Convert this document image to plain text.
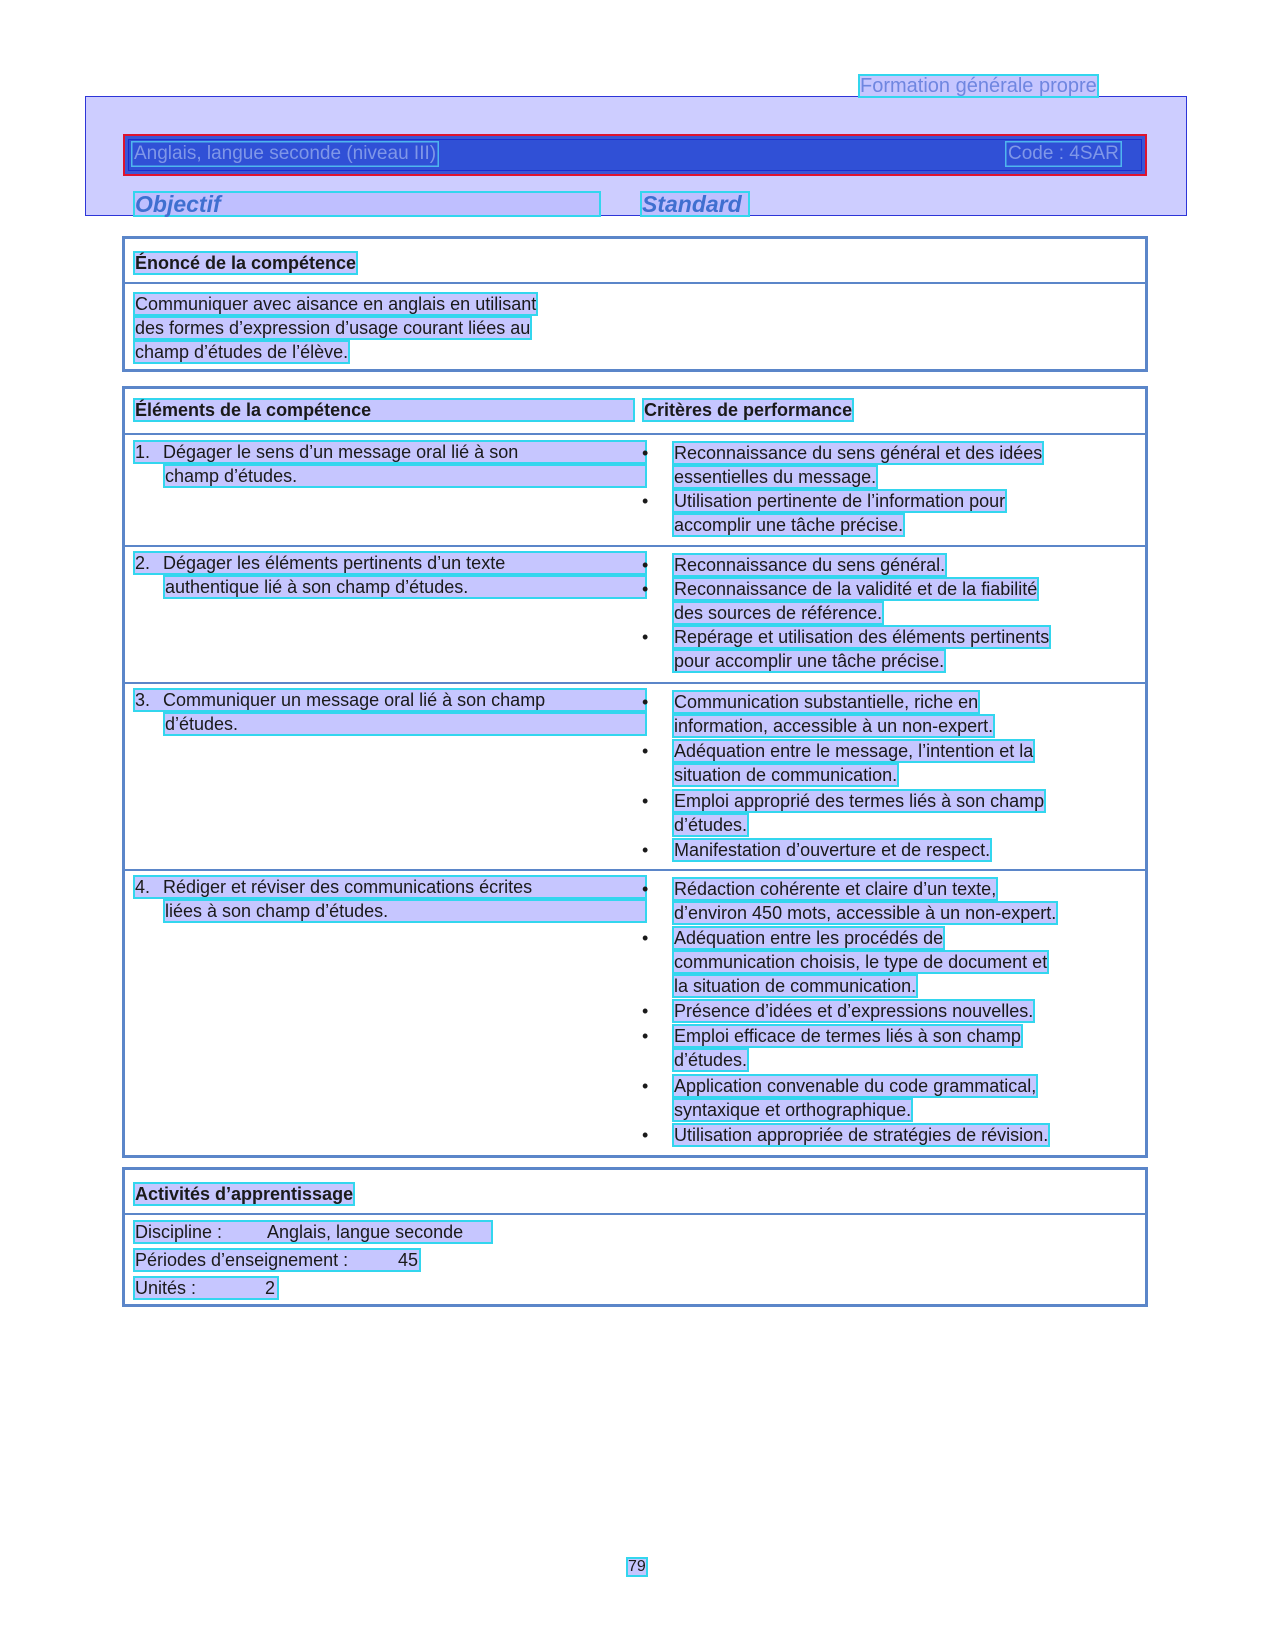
Formation générale propre
Anglais, langue seconde (niveau III)	Code : 4SAR
Objectif	Standard
Énoncé de la compétence
Communiquer avec aisance en anglais en utilisant
des formes d’expression d’usage courant liées au
champ d’études de l’élève.
Éléments de la compétence	Critères de performance
1. Dégager le sens d’un message oral lié à son
champ d’études.
• Reconnaissance du sens général et des idées
essentielles du message.
• Utilisation pertinente de l’information pour
accomplir une tâche précise.
2. Dégager les éléments pertinents d’un texte
authentique lié à son champ d’études.
• Reconnaissance du sens général.
• Reconnaissance de la validité et de la fiabilité
des sources de référence.
• Repérage et utilisation des éléments pertinents
pour accomplir une tâche précise.
3. Communiquer un message oral lié à son champ
d’études.
• Communication substantielle, riche en
information, accessible à un non-expert.
• Adéquation entre le message, l’intention et la
situation de communication.
• Emploi approprié des termes liés à son champ
d’études.
• Manifestation d’ouverture et de respect.
4. Rédiger et réviser des communications écrites
liées à son champ d’études.
• Rédaction cohérente et claire d’un texte,
d’environ 450 mots, accessible à un non-expert.
• Adéquation entre les procédés de
communication choisis, le type de document et
la situation de communication.
• Présence d’idées et d’expressions nouvelles.
• Emploi efficace de termes liés à son champ
d’études.
• Application convenable du code grammatical,
syntaxique et orthographique.
• Utilisation appropriée de stratégies de révision.
Activités d’apprentissage
Discipline : Anglais, langue seconde
Périodes d’enseignement :	45
Unités :	2
79
